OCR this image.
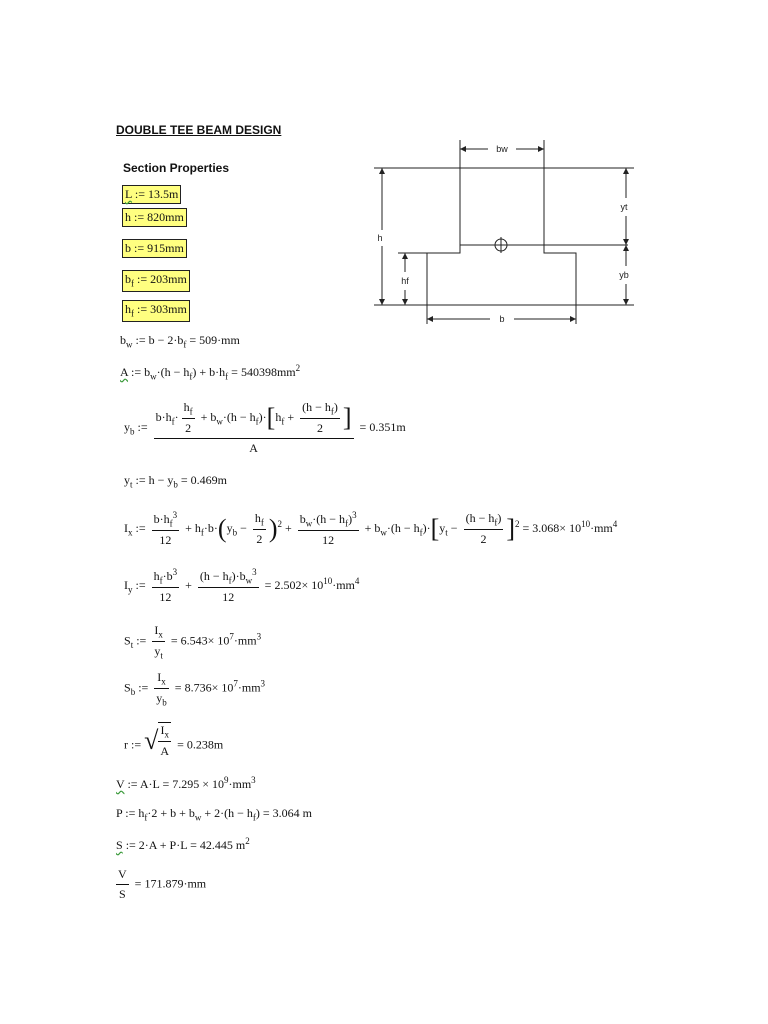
DOUBLE TEE BEAM DESIGN
Section Properties
L := 13.5m
h := 820mm
b := 915mm
$b_f$ := 203mm
$h_f$ := 303mm
$b_w$ := $b - 2\cdot b_f = 509\cdot mm$
A := $b_w\cdot(h - h_f) + b\cdot h_f = 540398mm^2$
$y_b$ := $\frac{b\cdot h_f\cdot \frac{h_f}{2} + b_w\cdot(h - h_f)\cdot[h_f + \frac{(h - h_f)}{2} ]}{A} = 0.351m$
$y_t$ := $h - y_b = 0.469m$
$I_x$ := $\frac{b\cdot h_f^3}{12} + h_f\cdot b\cdot(y_b - \frac{h_f}{2} )^2 + \frac{b_w\cdot(h - h_f)^3}{12} + b_w\cdot(h - h_f)\cdot[y_t - \frac{(h - h_f)}{2} ]^2 = 3.068\times 10^{10}\cdot mm^4$
$I_y$ := $\frac{h_f\cdot b^3}{12} + \frac{(h - h_f)\cdot b_w^3}{12} = 2.502\times 10^{10}\cdot mm^4$
$S_t$ := $\frac{I_x}{y_t} = 6.543\times 10^7\cdot mm^3$
$S_b$ := $\frac{I_x}{y_b} = 8.736\times 10^7\cdot mm^3$
r := √ $I_x$
A = 0.238m
V := $A\cdot L = 7.295 \times 10^9\cdot mm^3$
P := $h_f\cdot 2 + b + b_w + 2\cdot(h - h_f) = 3.064$ m
S := 2·A + P·L = 42.445 $m^2$
$\frac{V}{S} = 171.879\cdot mm$
bw
h
hf
yt
yb
b
